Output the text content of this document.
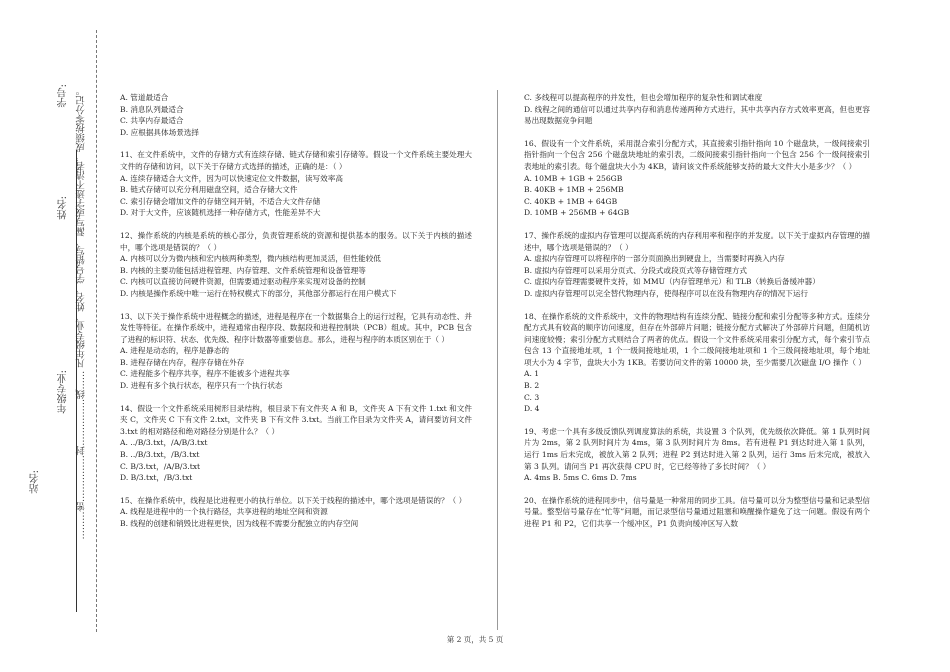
学号:
姓名: ………密……………封……………线…… 凡年级专业、姓名、学号错写、漏写或字迹不清者，成绩按零分记。
年级专业:
站名:

A. 管道最适合

B. 消息队列最适合

C. 共享内存最适合

D. 应根据具体场景选择

11、在文件系统中，文件的存储方式有连续存储、链式存储和索引存储等。假设一个文件系统主要处理大文件的存储和访问，以下关于存储方式选择的描述，正确的是：（ ）

A. 连续存储适合大文件，因为可以快速定位文件数据，读写效率高

B. 链式存储可以充分利用磁盘空间，适合存储大文件

C. 索引存储会增加文件的存储空间开销，不适合大文件存储

D. 对于大文件，应该随机选择一种存储方式，性能差异不大

12、操作系统的内核是系统的核心部分，负责管理系统的资源和提供基本的服务。以下关于内核的描述中，哪个选项是错误的？（ ）

A. 内核可以分为微内核和宏内核两种类型，微内核结构更加灵活，但性能较低

B. 内核的主要功能包括进程管理、内存管理、文件系统管理和设备管理等

C. 内核可以直接访问硬件资源，但需要通过驱动程序来实现对设备的控制

D. 内核是操作系统中唯一运行在特权模式下的部分，其他部分都运行在用户模式下

13、以下关于操作系统中进程概念的描述，进程是程序在一个数据集合上的运行过程，它具有动态性、并发性等特征。在操作系统中，进程通常由程序段、数据段和进程控制块（PCB）组成。其中，PCB 包含了进程的标识符、状态、优先级、程序计数器等重要信息。那么，进程与程序的本质区别在于（ ）

A. 进程是动态的，程序是静态的

B. 进程存储在内存，程序存储在外存

C. 进程能多个程序共享，程序不能被多个进程共享

D. 进程有多个执行状态，程序只有一个执行状态

14、假设一个文件系统采用树形目录结构，根目录下有文件夹 A 和 B，文件夹 A 下有文件 1.txt 和文件夹 C，文件夹 C 下有文件 2.txt，文件夹 B 下有文件 3.txt。当前工作目录为文件夹 A，请问要访问文件 3.txt 的相对路径和绝对路径分别是什么？（ ）

A. ../B/3.txt，/A/B/3.txt

B. ../B/3.txt，/B/3.txt

C. B/3.txt，/A/B/3.txt

D. B/3.txt，/B/3.txt

15、在操作系统中，线程是比进程更小的执行单位。以下关于线程的描述中，哪个选项是错误的？（ ）

A. 线程是进程中的一个执行路径，共享进程的地址空间和资源

B. 线程的创建和销毁比进程更快，因为线程不需要分配独立的内存空间

C. 多线程可以提高程序的并发性，但也会增加程序的复杂性和调试难度

D. 线程之间的通信可以通过共享内存和消息传递两种方式进行，其中共享内存方式效率更高，但也更容易出现数据竞争问题

16、假设有一个文件系统，采用混合索引分配方式，其直接索引指针指向 10 个磁盘块，一级间接索引指针指向一个包含 256 个磁盘块地址的索引表，二级间接索引指针指向一个包含 256 个一级间接索引表地址的索引表。每个磁盘块大小为 4KB，请问该文件系统能够支持的最大文件大小是多少？（ ）

A. 10MB + 1GB + 256GB

B. 40KB + 1MB + 256MB

C. 40KB + 1MB + 64GB

D. 10MB + 256MB + 64GB

17、操作系统的虚拟内存管理可以提高系统的内存利用率和程序的并发度。以下关于虚拟内存管理的描述中，哪个选项是错误的？（ ）

A. 虚拟内存管理可以将程序的一部分页面换出到硬盘上，当需要时再换入内存

B. 虚拟内存管理可以采用分页式、分段式或段页式等存储管理方式

C. 虚拟内存管理需要硬件支持，如 MMU（内存管理单元）和 TLB（转换后备缓冲器）

D. 虚拟内存管理可以完全替代物理内存，使得程序可以在没有物理内存的情况下运行

18、在操作系统的文件系统中，文件的物理结构有连续分配、链接分配和索引分配等多种方式。连续分配方式具有较高的顺序访问速度，但存在外部碎片问题；链接分配方式解决了外部碎片问题，但随机访问速度较慢；索引分配方式则结合了两者的优点。假设一个文件系统采用索引分配方式，每个索引节点包含 13 个直接地址项，1 个一级间接地址项，1 个二级间接地址项和 1 个三级间接地址项，每个地址项大小为 4 字节，盘块大小为 1KB。若要访问文件的第 10000 块，至少需要几次磁盘 I/O 操作（ ）

A. 1

B. 2

C. 3

D. 4

19、考虑一个具有多级反馈队列调度算法的系统，共设置 3 个队列，优先级依次降低。第 1 队列时间片为 2ms，第 2 队列时间片为 4ms，第 3 队列时间片为 8ms。若有进程 P1 到达时进入第 1 队列，运行 1ms 后未完成，被放入第 2 队列；进程 P2 到达时进入第 2 队列，运行 3ms 后未完成，被放入第 3 队列。请问当 P1 再次获得 CPU 时，它已经等待了多长时间？（ ）

A. 4ms B. 5ms C. 6ms D. 7ms

20、在操作系统的进程同步中，信号量是一种常用的同步工具。信号量可以分为整型信号量和记录型信号量。整型信号量存在“忙等”问题，而记录型信号量通过阻塞和唤醒操作避免了这一问题。假设有两个进程 P1 和 P2，它们共享一个缓冲区，P1 负责向缓冲区写入数

第 2 页，共 5 页
